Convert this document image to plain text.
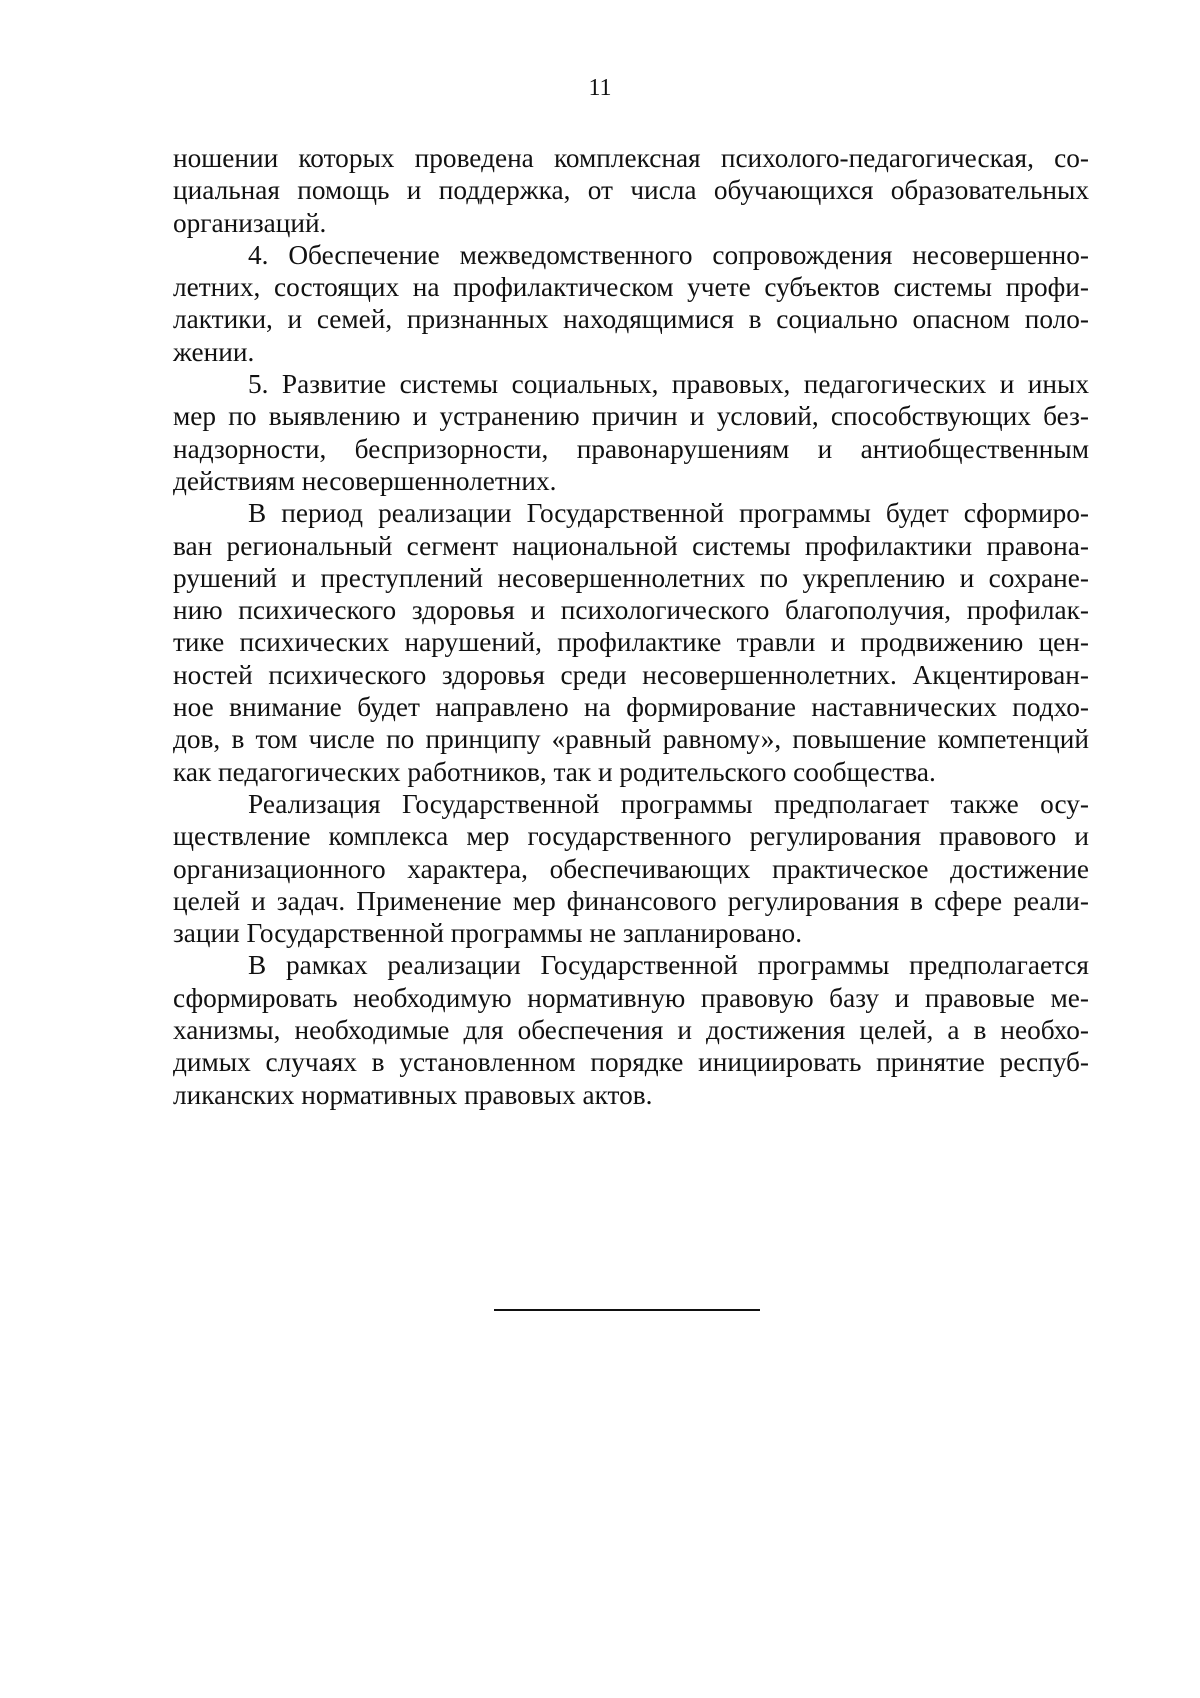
11
ношении которых проведена комплексная психолого-педагогическая, со-
циальная помощь и поддержка, от числа обучающихся образовательных
организаций.
4. Обеспечение межведомственного сопровождения несовершенно-
летних, состоящих на профилактическом учете субъектов системы профи-
лактики, и семей, признанных находящимися в социально опасном поло-
жении.
5. Развитие системы социальных, правовых, педагогических и иных
мер по выявлению и устранению причин и условий, способствующих без-
надзорности, беспризорности, правонарушениям и антиобщественным
действиям несовершеннолетних.
В период реализации Государственной программы будет сформиро-
ван региональный сегмент национальной системы профилактики правона-
рушений и преступлений несовершеннолетних по укреплению и сохране-
нию психического здоровья и психологического благополучия, профилак-
тике психических нарушений, профилактике травли и продвижению цен-
ностей психического здоровья среди несовершеннолетних. Акцентирован-
ное внимание будет направлено на формирование наставнических подхо-
дов, в том числе по принципу «равный равному», повышение компетенций
как педагогических работников, так и родительского сообщества.
Реализация Государственной программы предполагает также осу-
ществление комплекса мер государственного регулирования правового и
организационного характера, обеспечивающих практическое достижение
целей и задач. Применение мер финансового регулирования в сфере реали-
зации Государственной программы не запланировано.
В рамках реализации Государственной программы предполагается
сформировать необходимую нормативную правовую базу и правовые ме-
ханизмы, необходимые для обеспечения и достижения целей, а в необхо-
димых случаях в установленном порядке инициировать принятие респуб-
ликанских нормативных правовых актов.
